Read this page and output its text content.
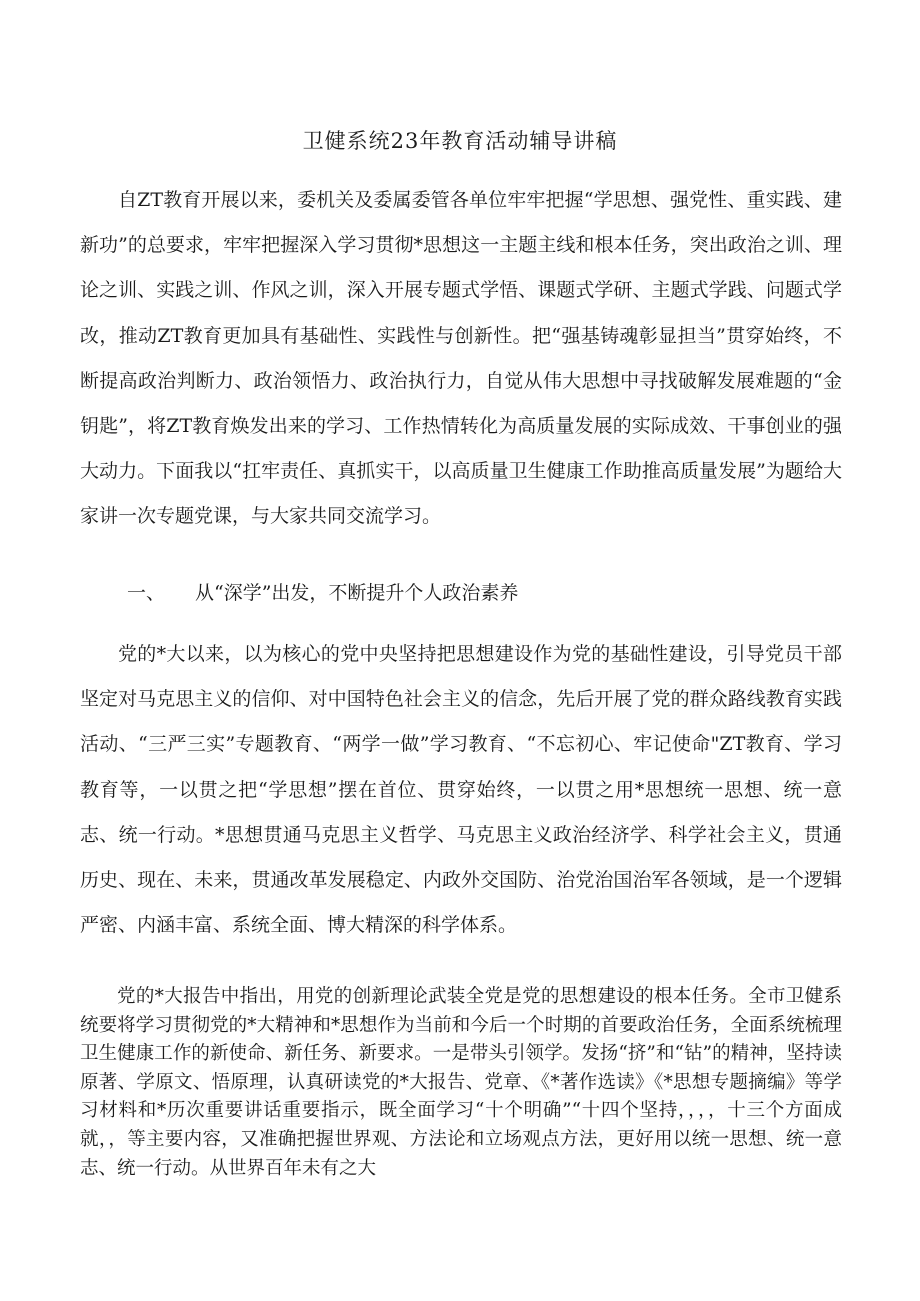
卫健系统23年教育活动辅导讲稿

自ZT教育开展以来，委机关及委属委管各单位牢牢把握“学思想、强党性、重实践、建新功”的总要求，牢牢把握深入学习贯彻*思想这一主题主线和根本任务，突出政治之训、理论之训、实践之训、作风之训，深入开展专题式学悟、课题式学研、主题式学践、问题式学改，推动ZT教育更加具有基础性、实践性与创新性。把“强基铸魂彰显担当”贯穿始终，不断提高政治判断力、政治领悟力、政治执行力，自觉从伟大思想中寻找破解发展难题的“金钥匙”，将ZT教育焕发出来的学习、工作热情转化为高质量发展的实际成效、干事创业的强大动力。下面我以“扛牢责任、真抓实干，以高质量卫生健康工作助推高质量发展”为题给大家讲一次专题党课，与大家共同交流学习。

一、 从“深学”出发，不断提升个人政治素养

党的*大以来，以为核心的党中央坚持把思想建设作为党的基础性建设，引导党员干部坚定对马克思主义的信仰、对中国特色社会主义的信念，先后开展了党的群众路线教育实践活动、“三严三实”专题教育、“两学一做”学习教育、“不忘初心、牢记使命"ZT教育、学习教育等，一以贯之把“学思想”摆在首位、贯穿始终，一以贯之用*思想统一思想、统一意志、统一行动。*思想贯通马克思主义哲学、马克思主义政治经济学、科学社会主义，贯通历史、现在、未来，贯通改革发展稳定、内政外交国防、治党治国治军各领域，是一个逻辑严密、内涵丰富、系统全面、博大精深的科学体系。

党的*大报告中指出，用党的创新理论武装全党是党的思想建设的根本任务。全市卫健系统要将学习贯彻党的*大精神和*思想作为当前和今后一个时期的首要政治任务，全面系统梳理卫生健康工作的新使命、新任务、新要求。一是带头引领学。发扬“挤”和“钻”的精神，坚持读原著、学原文、悟原理，认真研读党的*大报告、党章、《*著作选读》《*思想专题摘编》等学习材料和*历次重要讲话重要指示，既全面学习“十个明确”“十四个坚持，，，，十三个方面成就，，等主要内容，又准确把握世界观、方法论和立场观点方法，更好用以统一思想、统一意志、统一行动。从世界百年未有之大
